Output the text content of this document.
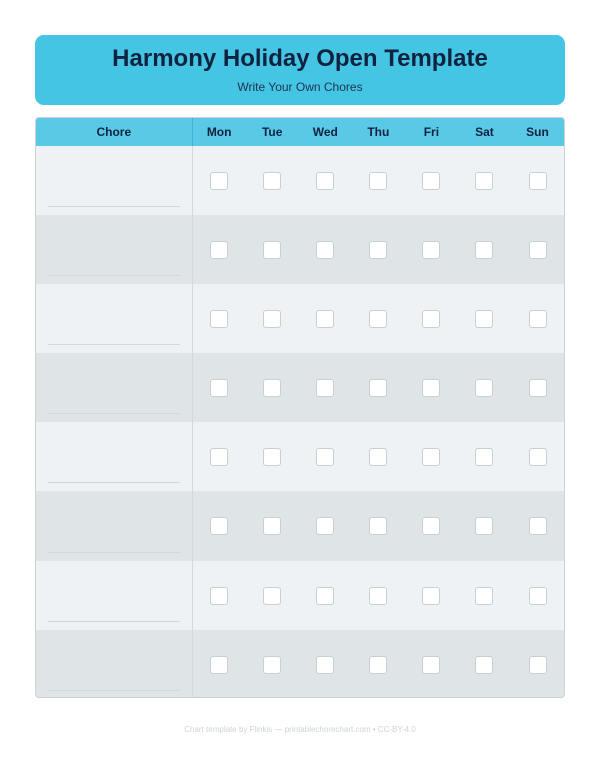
Harmony Holiday Open Template
Write Your Own Chores
Chore	Mon	Tue	Wed	Thu	Fri	Sat	Sun
Chart template by Flinkis — printablechorechart.com • CC-BY-4.0
